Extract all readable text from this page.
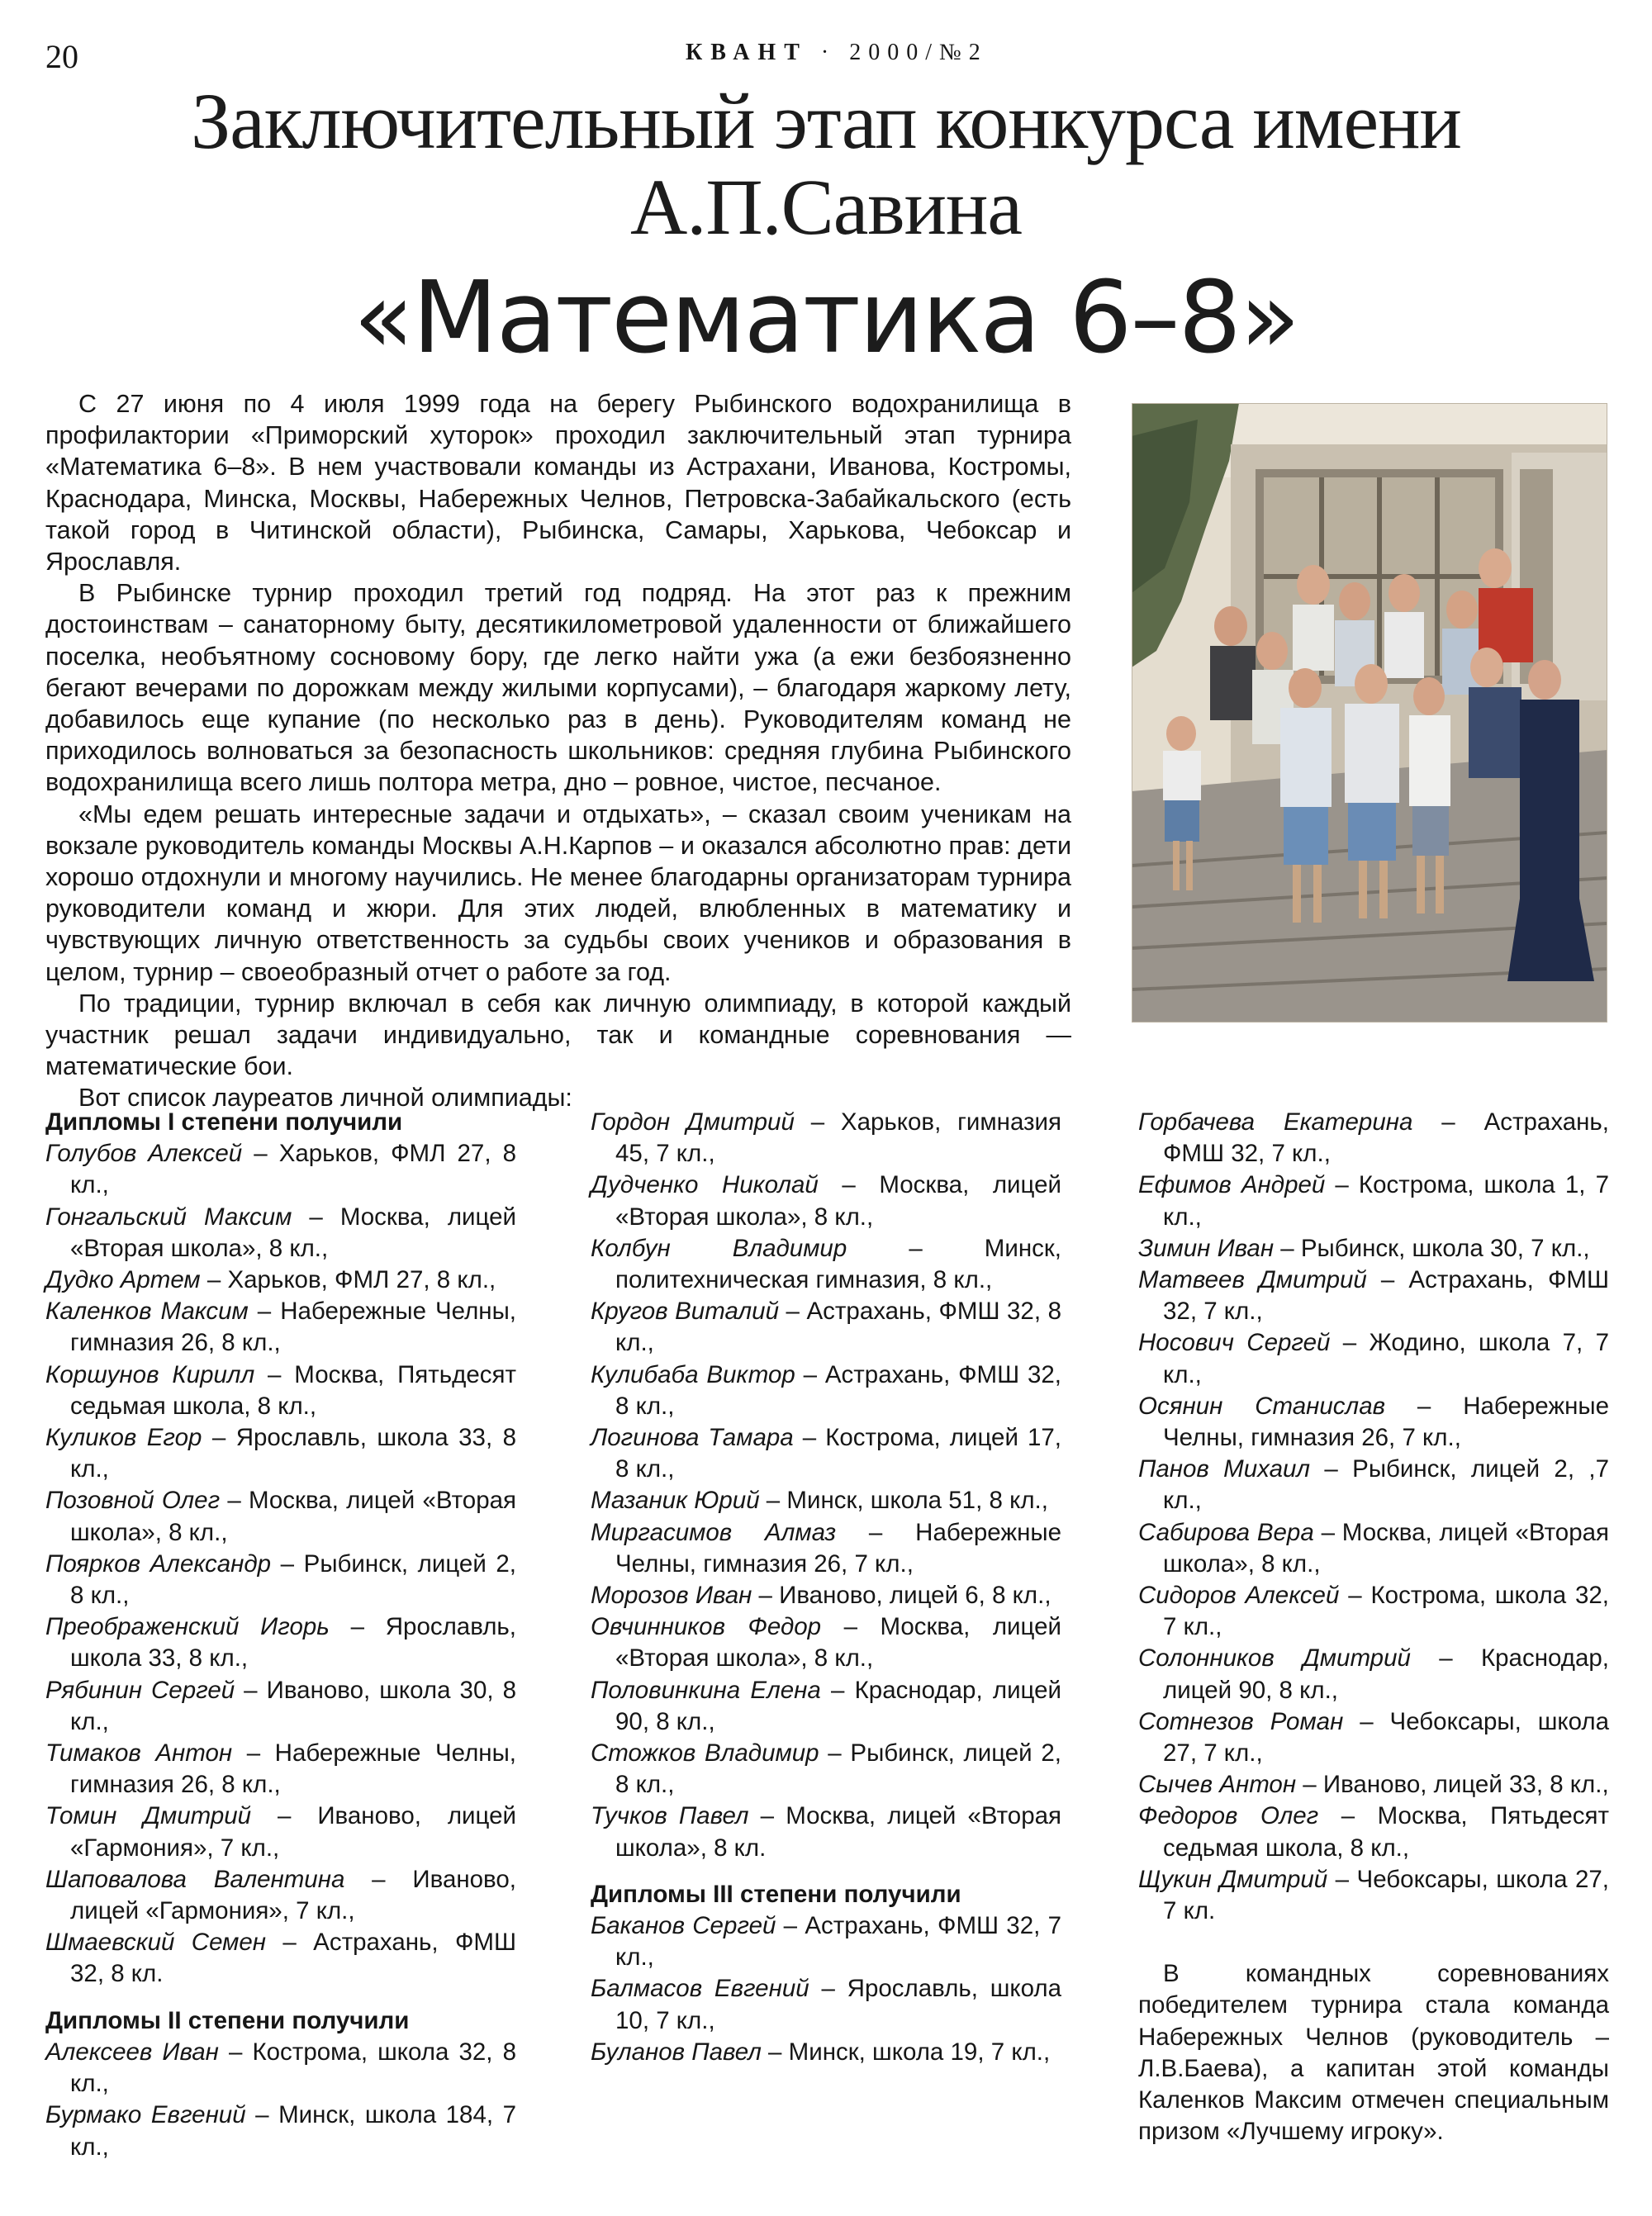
20	КВАНТ · 2000/№2
Заключительный этап конкурса имени
А.П.Савина
«Математика 6–8»

С 27 июня по 4 июля 1999 года на берегу Рыбинского водохранилища в профилактории «Приморский хуторок» проходил заключительный этап турнира «Математика 6–8». В нем участвовали команды из Астрахани, Иванова, Костромы, Краснодара, Минска, Москвы, Набережных Челнов, Петровска-Забайкальского (есть такой город в Читинской области), Рыбинска, Самары, Харькова, Чебоксар и Ярославля.

В Рыбинске турнир проходил третий год подряд. На этот раз к прежним достоинствам – санаторному быту, десятикилометровой удаленности от ближайшего поселка, необъятному сосновому бору, где легко найти ужа (а ежи безбоязненно бегают вечерами по дорожкам между жилыми корпусами), – благодаря жаркому лету, добавилось еще купание (по несколько раз в день). Руководителям команд не приходилось волноваться за безопасность школьников: средняя глубина Рыбинского водохранилища всего лишь полтора метра, дно – ровное, чистое, песчаное.

«Мы едем решать интересные задачи и отдыхать», – сказал своим ученикам на вокзале руководитель команды Москвы А.Н.Карпов – и оказался абсолютно прав: дети хорошо отдохнули и многому научились. Не менее благодарны организаторам турнира руководители команд и жюри. Для этих людей, влюбленных в математику и чувствующих личную ответственность за судьбы своих учеников и образования в целом, турнир – своеобразный отчет о работе за год.

По традиции, турнир включал в себя как личную олимпиаду, в которой каждый участник решал задачи индивидуально, так и командные соревнования — математические бои.

Вот список лауреатов личной олимпиады:

Дипломы I степени получили

Голубов Алексей – Харьков, ФМЛ 27, 8 кл.,

Гонгальский Максим – Москва, лицей «Вторая школа», 8 кл.,

Дудко Артем – Харьков, ФМЛ 27, 8 кл.,

Каленков Максим – Набережные Челны, гимназия 26, 8 кл.,

Коршунов Кирилл – Москва, Пятьдесят седьмая школа, 8 кл.,

Куликов Егор – Ярославль, школа 33, 8 кл.,

Позовной Олег – Москва, лицей «Вторая школа», 8 кл.,

Поярков Александр – Рыбинск, лицей 2, 8 кл.,

Преображенский Игорь – Ярославль, школа 33, 8 кл.,

Рябинин Сергей – Иваново, школа 30, 8 кл.,

Тимаков Антон – Набережные Челны, гимназия 26, 8 кл.,

Томин Дмитрий – Иваново, лицей «Гармония», 7 кл.,

Шаповалова Валентина – Иваново, лицей «Гармония», 7 кл.,

Шмаевский Семен – Астрахань, ФМШ 32, 8 кл.

Дипломы II степени получили

Алексеев Иван – Кострома, школа 32, 8 кл.,

Бурмако Евгений – Минск, школа 184, 7 кл.,

Гордон Дмитрий – Харьков, гимназия 45, 7 кл.,

Дудченко Николай – Москва, лицей «Вторая школа», 8 кл.,

Колбун Владимир – Минск, политехническая гимназия, 8 кл.,

Кругов Виталий – Астрахань, ФМШ 32, 8 кл.,

Кулибаба Виктор – Астрахань, ФМШ 32, 8 кл.,

Логинова Тамара – Кострома, лицей 17, 8 кл.,

Мазаник Юрий – Минск, школа 51, 8 кл.,

Миргасимов Алмаз – Набережные Челны, гимназия 26, 7 кл.,

Морозов Иван – Иваново, лицей 6, 8 кл.,

Овчинников Федор – Москва, лицей «Вторая школа», 8 кл.,

Половинкина Елена – Краснодар, лицей 90, 8 кл.,

Стожков Владимир – Рыбинск, лицей 2, 8 кл.,

Тучков Павел – Москва, лицей «Вторая школа», 8 кл.

Дипломы III степени получили

Баканов Сергей – Астрахань, ФМШ 32, 7 кл.,

Балмасов Евгений – Ярославль, школа 10, 7 кл.,

Буланов Павел – Минск, школа 19, 7 кл.,

Горбачева Екатерина – Астрахань, ФМШ 32, 7 кл.,

Ефимов Андрей – Кострома, школа 1, 7 кл.,

Зимин Иван – Рыбинск, школа 30, 7 кл.,

Матвеев Дмитрий – Астрахань, ФМШ 32, 7 кл.,

Носович Сергей – Жодино, школа 7, 7 кл.,

Осянин Станислав – Набережные Челны, гимназия 26, 7 кл.,

Панов Михаил – Рыбинск, лицей 2, ,7 кл.,

Сабирова Вера – Москва, лицей «Вторая школа», 8 кл.,

Сидоров Алексей – Кострома, школа 32, 7 кл.,

Солонников Дмитрий – Краснодар, лицей 90, 8 кл.,

Сотнезов Роман – Чебоксары, школа 27, 7 кл.,

Сычев Антон – Иваново, лицей 33, 8 кл.,

Федоров Олег – Москва, Пятьдесят седьмая школа, 8 кл.,

Щукин Дмитрий – Чебоксары, школа 27, 7 кл.

В командных соревнованиях победителем турнира стала команда Набережных Челнов (руководитель – Л.В.Баева), а капитан этой команды Каленков Максим отмечен специальным призом «Лучшему игроку».
